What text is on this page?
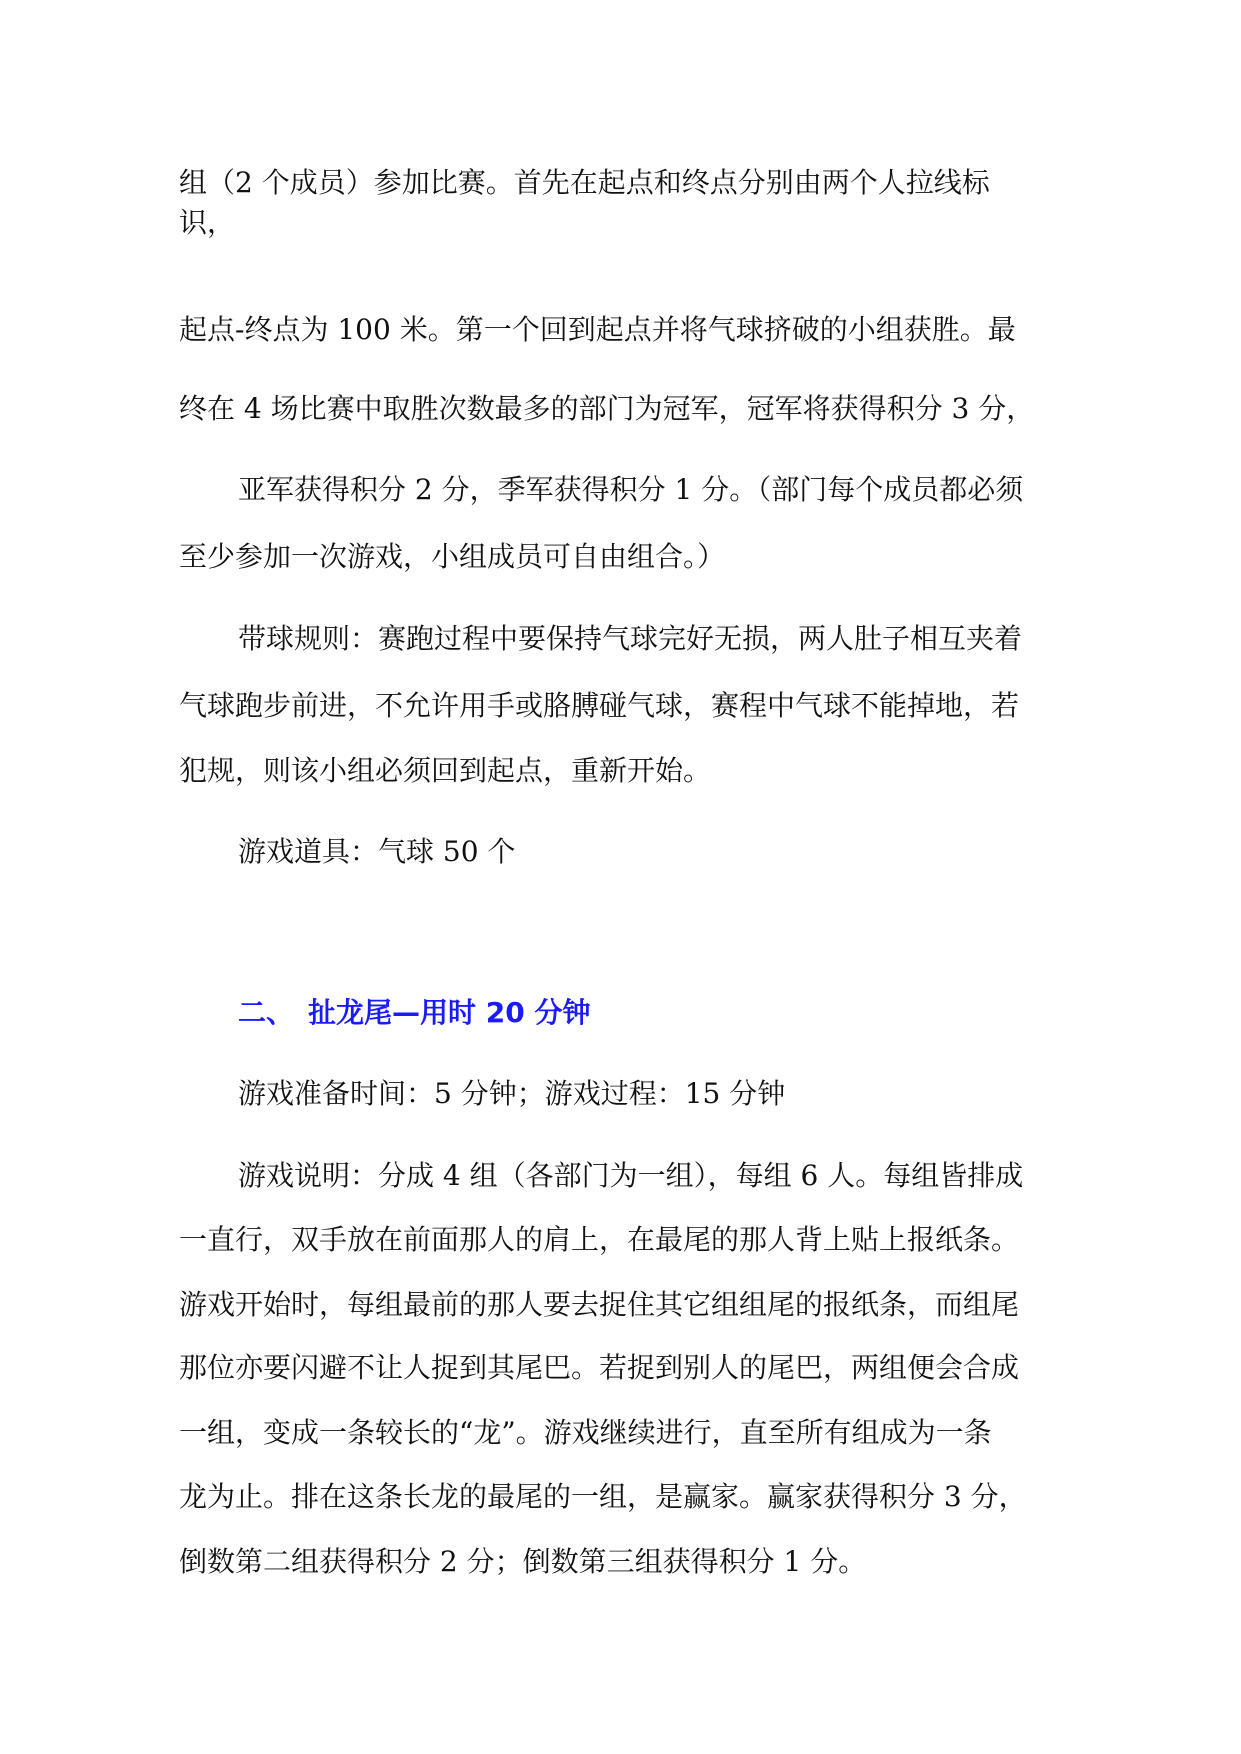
组（2 个成员）参加比赛。首先在起点和终点分别由两个人拉线标
识，
起点-终点为 100 米。第一个回到起点并将气球挤破的小组获胜。最
终在 4 场比赛中取胜次数最多的部门为冠军，冠军将获得积分 3 分，
亚军获得积分 2 分，季军获得积分 1 分。（部门每个成员都必须
至少参加一次游戏，小组成员可自由组合。）
带球规则：赛跑过程中要保持气球完好无损，两人肚子相互夹着
气球跑步前进，不允许用手或胳膊碰气球，赛程中气球不能掉地，若
犯规，则该小组必须回到起点，重新开始。
游戏道具：气球 50 个
二、 扯龙尾—用时 20 分钟
游戏准备时间：5 分钟；游戏过程：15 分钟
游戏说明：分成 4 组（各部门为一组），每组 6 人。每组皆排成
一直行，双手放在前面那人的肩上，在最尾的那人背上贴上报纸条。
游戏开始时，每组最前的那人要去捉住其它组组尾的报纸条，而组尾
那位亦要闪避不让人捉到其尾巴。若捉到别人的尾巴，两组便会合成
一组，变成一条较长的“龙”。游戏继续进行，直至所有组成为一条
龙为止。排在这条长龙的最尾的一组，是赢家。赢家获得积分 3 分，
倒数第二组获得积分 2 分；倒数第三组获得积分 1 分。
